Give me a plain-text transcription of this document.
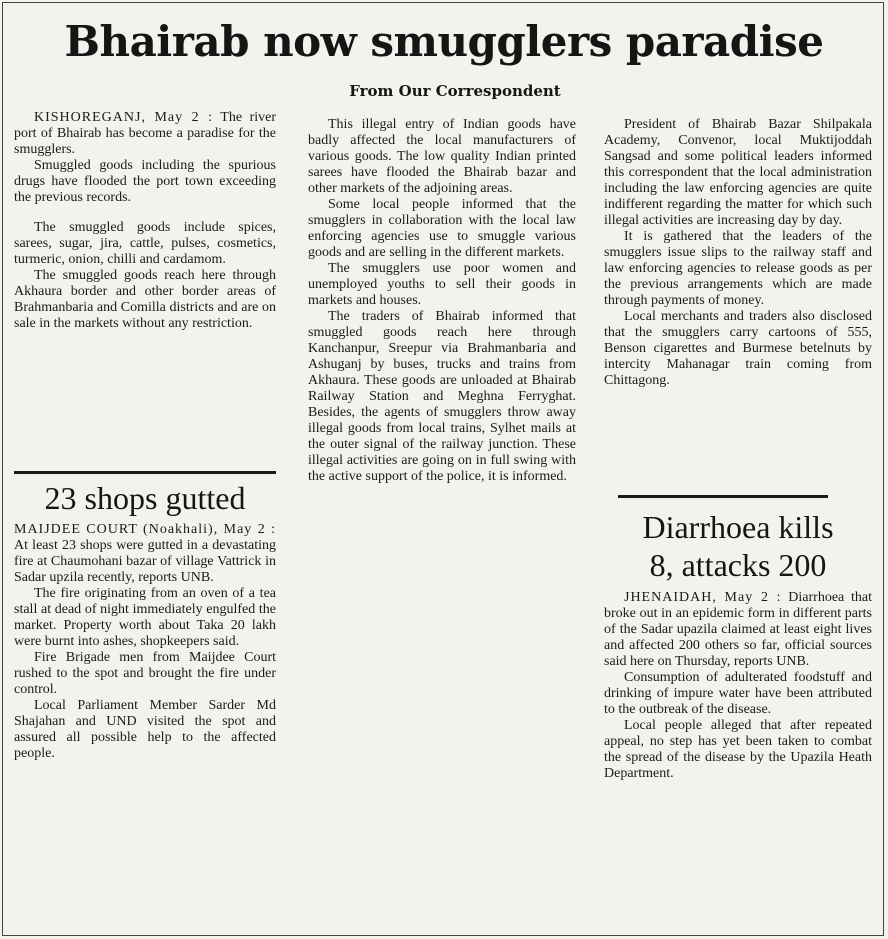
Bhairab now smugglers paradise
From Our Correspondent

KISHOREGANJ, May 2 : The river port of Bhairab has become a paradise for the smugglers.

Smuggled goods including the spurious drugs have flooded the port town exceeding the previous records.

The smuggled goods include spices, sarees, sugar, jira, cattle, pulses, cosmetics, turmeric, onion, chilli and cardamom.

The smuggled goods reach here through Akhaura border and other border areas of Brahmanbaria and Comilla districts and are on sale in the markets without any restriction.

This illegal entry of Indian goods have badly affected the local manufacturers of various goods. The low quality Indian printed sarees have flooded the Bhairab bazar and other markets of the adjoining areas.

Some local people informed that the smugglers in collaboration with the local law enforcing agencies use to smuggle various goods and are selling in the different markets.

The smugglers use poor women and unemployed youths to sell their goods in markets and houses.

The traders of Bhairab informed that smuggled goods reach here through Kanchanpur, Sreepur via Brahmanbaria and Ashuganj by buses, trucks and trains from Akhaura. These goods are unloaded at Bhairab Railway Station and Meghna Ferryghat. Besides, the agents of smugglers throw away illegal goods from local trains, Sylhet mails at the outer signal of the railway junction. These illegal activities are going on in full swing with the active support of the police, it is informed.

President of Bhairab Bazar Shilpakala Academy, Convenor, local Muktijoddah Sangsad and some political leaders informed this correspondent that the local administration including the law enforcing agencies are quite indifferent regarding the matter for which such illegal activities are increasing day by day.

It is gathered that the leaders of the smugglers issue slips to the railway staff and law enforcing agencies to release goods as per the previous arrangements which are made through payments of money.

Local merchants and traders also disclosed that the smugglers carry cartoons of 555, Benson cigarettes and Burmese betelnuts by intercity Mahanagar train coming from Chittagong.

23 shops gutted

MAIJDEE COURT (Noakhali), May 2 : At least 23 shops were gutted in a devastating fire at Chaumohani bazar of village Vattrick in Sadar upzila recently, reports UNB.

The fire originating from an oven of a tea stall at dead of night immediately engulfed the market. Property worth about Taka 20 lakh were burnt into ashes, shopkeepers said.

Fire Brigade men from Maijdee Court rushed to the spot and brought the fire under control.

Local Parliament Member Sarder Md Shajahan and UND visited the spot and assured all possible help to the affected people.

Diarrhoea kills
8, attacks 200

JHENAIDAH, May 2 : Diarrhoea that broke out in an epidemic form in different parts of the Sadar upazila claimed at least eight lives and affected 200 others so far, official sources said here on Thursday, reports UNB.

Consumption of adulterated foodstuff and drinking of impure water have been attributed to the outbreak of the disease.

Local people alleged that after repeated appeal, no step has yet been taken to combat the spread of the disease by the Upazila Heath Department.
